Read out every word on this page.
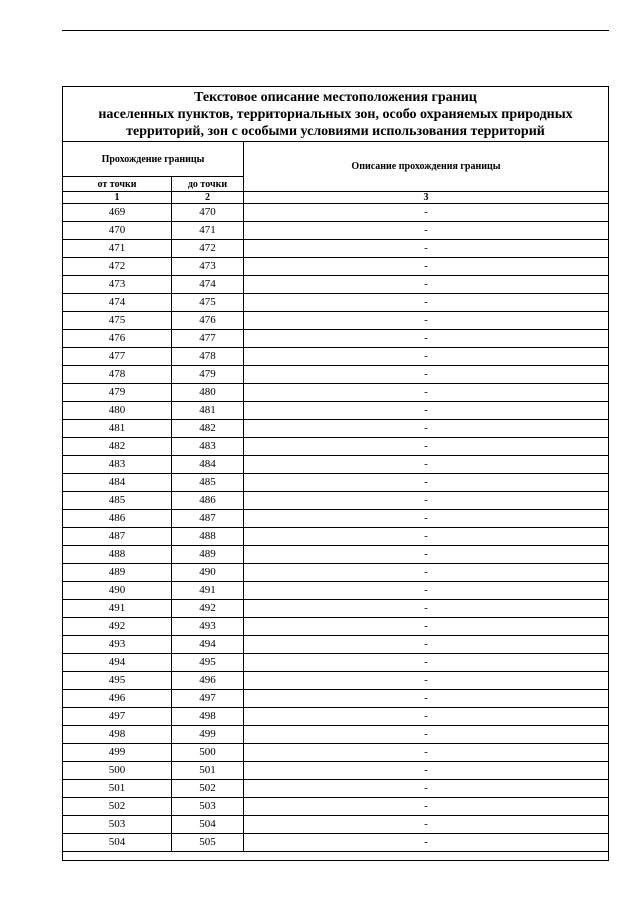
Текстовое описание местоположения границ
населенных пунктов, территориальных зон, особо охраняемых природных
территорий, зон с особыми условиями использования территорий		

Прохождение границы		Описание прохождения границы
от точки	до точки	
1	2	3
469	470	-
470	471	-
471	472	-
472	473	-
473	474	-
474	475	-
475	476	-
476	477	-
477	478	-
478	479	-
479	480	-
480	481	-
481	482	-
482	483	-
483	484	-
484	485	-
485	486	-
486	487	-
487	488	-
488	489	-
489	490	-
490	491	-
491	492	-
492	493	-
493	494	-
494	495	-
495	496	-
496	497	-
497	498	-
498	499	-
499	500	-
500	501	-
501	502	-
502	503	-
503	504	-
504	505	-
